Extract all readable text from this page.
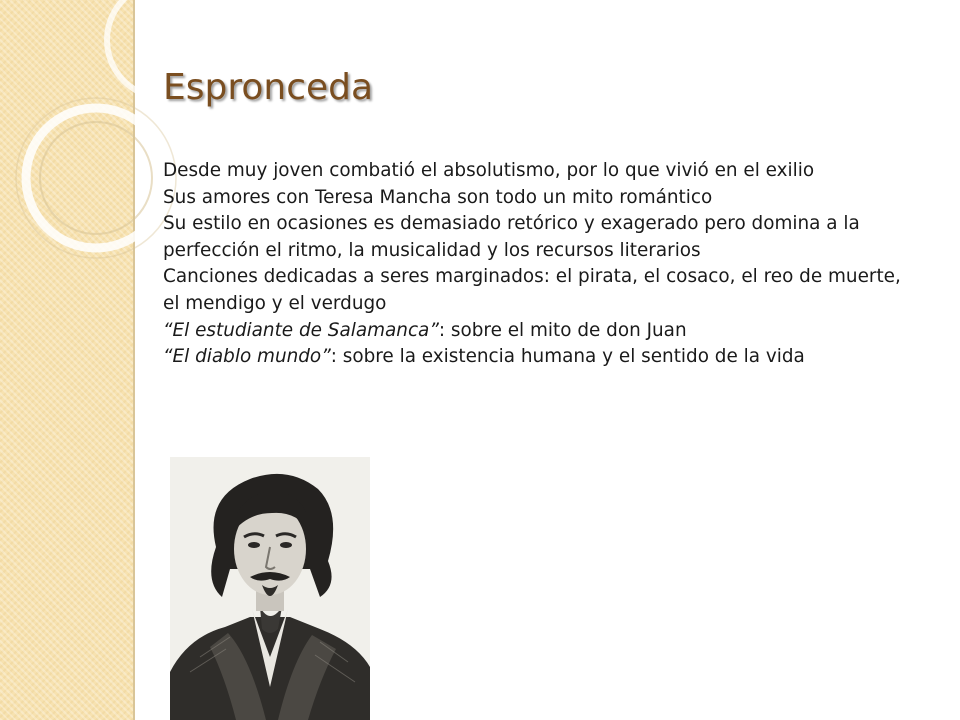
Espronceda

Desde muy joven combatió el absolutismo, por lo que vivió en el exilio

Sus amores con Teresa Mancha son todo un mito romántico

Su estilo en ocasiones es demasiado retórico y exagerado pero domina a la perfección el ritmo, la musicalidad y los recursos literarios

Canciones dedicadas a seres marginados: el pirata, el cosaco, el reo de muerte, el mendigo y el verdugo

“El estudiante de Salamanca”: sobre el mito de don Juan

“El diablo mundo”: sobre la existencia humana y el sentido de la vida
